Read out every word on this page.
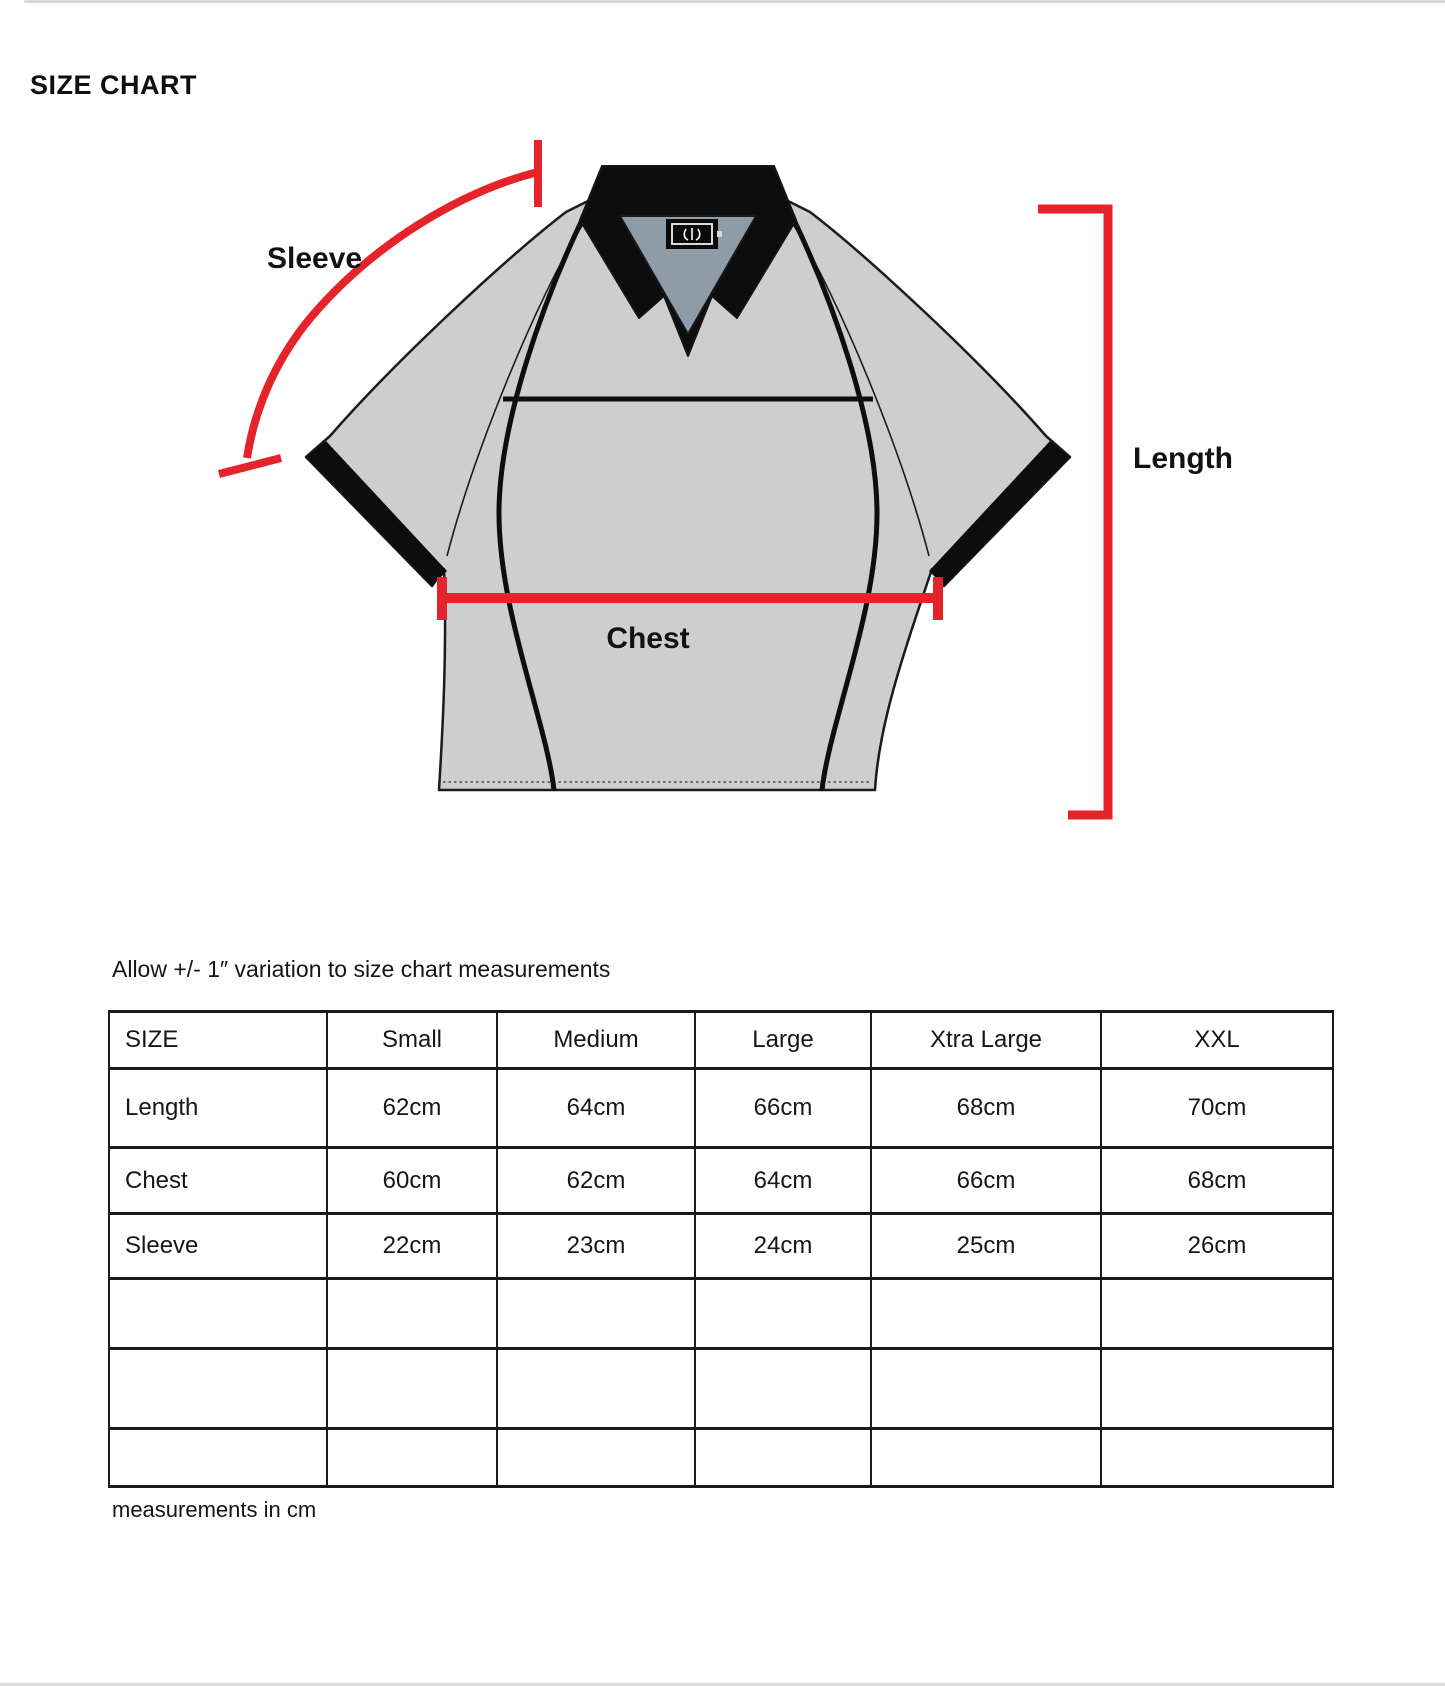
SIZE CHART
Sleeve
Chest
Length
Allow +/- 1″ variation to size chart measurements
SIZE	Small	Medium	Large	Xtra Large	XXL
Length	62cm	64cm	66cm	68cm	70cm
Chest	60cm	62cm	64cm	66cm	68cm
Sleeve	22cm	23cm	24cm	25cm	26cm

measurements in cm
